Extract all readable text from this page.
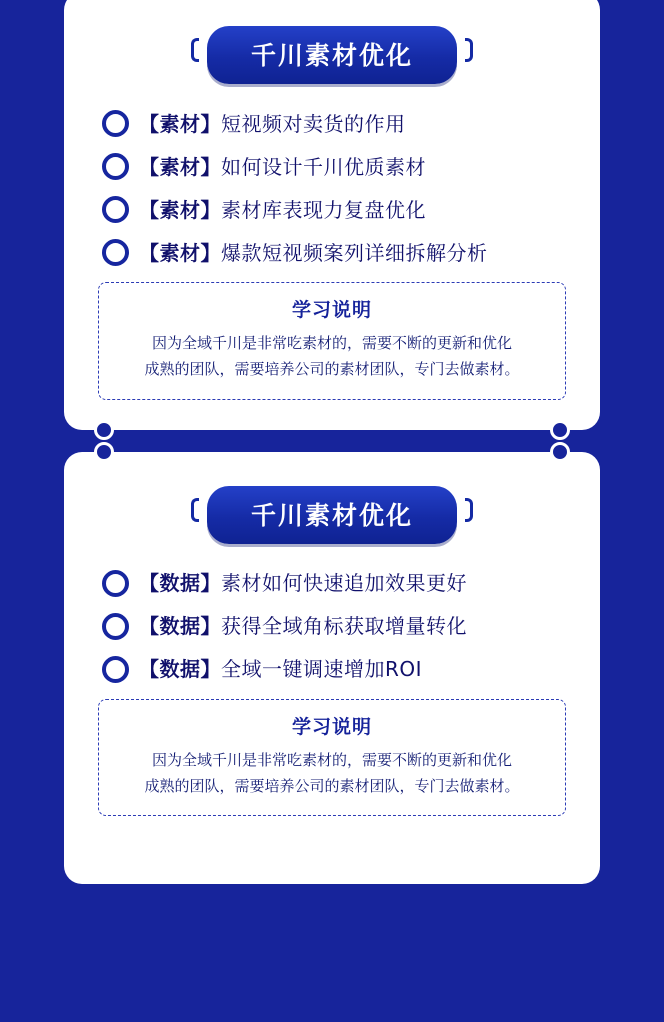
千川素材优化
【素材】短视频对卖货的作用
【素材】如何设计千川优质素材
【素材】素材库表现力复盘优化
【素材】爆款短视频案列详细拆解分析
学习说明
因为全域千川是非常吃素材的，需要不断的更新和优化
成熟的团队，需要培养公司的素材团队，专门去做素材。
千川素材优化
【数据】素材如何快速追加效果更好
【数据】获得全域角标获取增量转化
【数据】全域一键调速增加ROI
学习说明
因为全域千川是非常吃素材的，需要不断的更新和优化
成熟的团队，需要培养公司的素材团队，专门去做素材。
